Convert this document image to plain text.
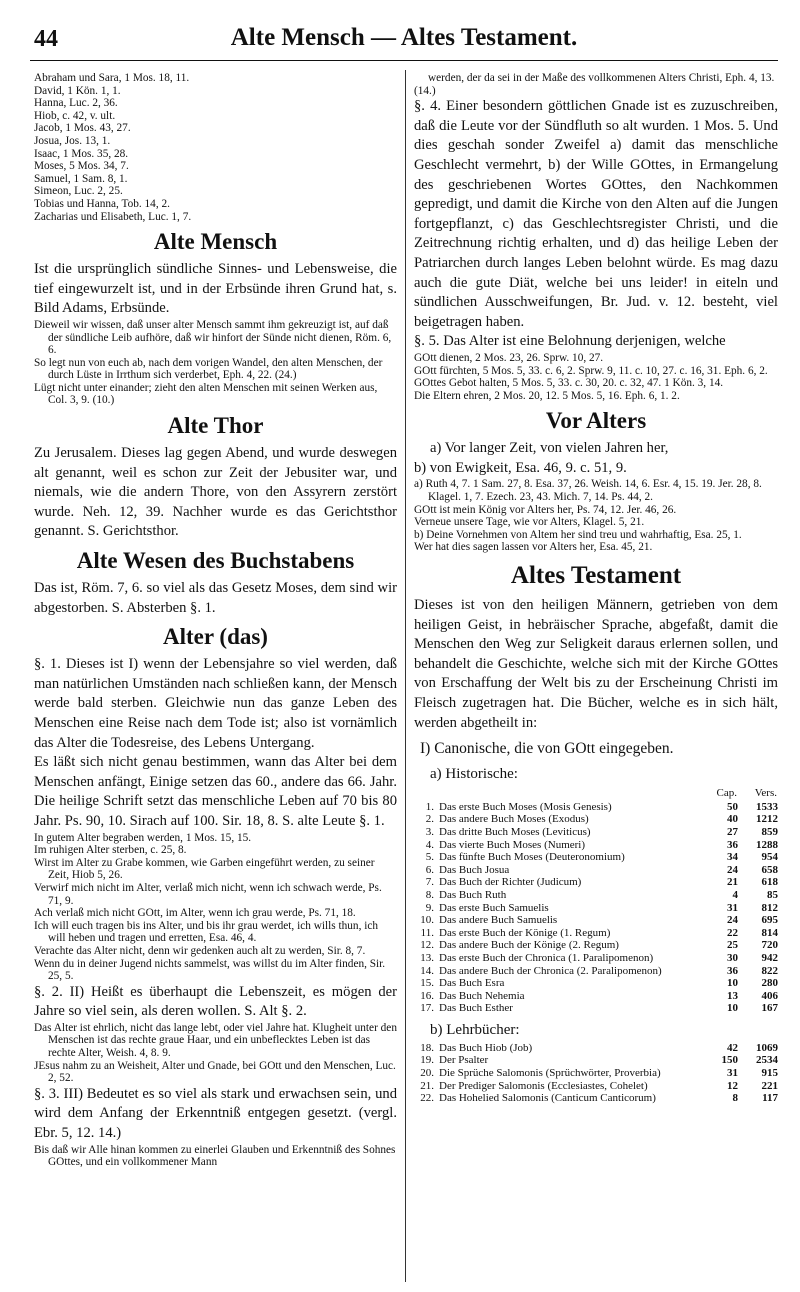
44	Alte Mensch — Altes Testament.

Abraham und Sara, 1 Mos. 18, 11.

David, 1 Kön. 1, 1.

Hanna, Luc. 2, 36.

Hiob, c. 42, v. ult.

Jacob, 1 Mos. 43, 27.

Josua, Jos. 13, 1.

Isaac, 1 Mos. 35, 28.

Moses, 5 Mos. 34, 7.

Samuel, 1 Sam. 8, 1.

Simeon, Luc. 2, 25.

Tobias und Hanna, Tob. 14, 2.

Zacharias und Elisabeth, Luc. 1, 7.

Alte Mensch

Ist die ursprünglich sündliche Sinnes- und Lebensweise, die tief eingewurzelt ist, und in der Erbsünde ihren Grund hat, s. Bild Adams, Erbsünde.

Dieweil wir wissen, daß unser alter Mensch sammt ihm gekreuzigt ist, auf daß der sündliche Leib aufhöre, daß wir hinfort der Sünde nicht dienen, Röm. 6, 6.

So legt nun von euch ab, nach dem vorigen Wandel, den alten Menschen, der durch Lüste in Irrthum sich verderbet, Eph. 4, 22. (24.)

Lügt nicht unter einander; zieht den alten Menschen mit seinen Werken aus, Col. 3, 9. (10.)

Alte Thor

Zu Jerusalem. Dieses lag gegen Abend, und wurde deswegen alt genannt, weil es schon zur Zeit der Jebusiter war, und niemals, wie die andern Thore, von den Assyrern zerstört wurde. Neh. 12, 39. Nachher wurde es das Gerichtsthor genannt. S. Gerichtsthor.

Alte Wesen des Buchstabens

Das ist, Röm. 7, 6. so viel als das Gesetz Moses, dem sind wir abgestorben. S. Absterben §. 1.

Alter (das)

§. 1. Dieses ist I) wenn der Lebensjahre so viel werden, daß man natürlichen Umständen nach schließen kann, der Mensch werde bald sterben. Gleichwie nun das ganze Leben des Menschen eine Reise nach dem Tode ist; also ist vornämlich das Alter die Todesreise, des Lebens Untergang.

Es läßt sich nicht genau bestimmen, wann das Alter bei dem Menschen anfängt, Einige setzen das 60., andere das 66. Jahr. Die heilige Schrift setzt das menschliche Leben auf 70 bis 80 Jahr. Ps. 90, 10. Sirach auf 100. Sir. 18, 8. S. alte Leute §. 1.

In gutem Alter begraben werden, 1 Mos. 15, 15.

Im ruhigen Alter sterben, c. 25, 8.

Wirst im Alter zu Grabe kommen, wie Garben eingeführt werden, zu seiner Zeit, Hiob 5, 26.

Verwirf mich nicht im Alter, verlaß mich nicht, wenn ich schwach werde, Ps. 71, 9.

Ach verlaß mich nicht GOtt, im Alter, wenn ich grau werde, Ps. 71, 18.

Ich will euch tragen bis ins Alter, und bis ihr grau werdet, ich wills thun, ich will heben und tragen und erretten, Esa. 46, 4.

Verachte das Alter nicht, denn wir gedenken auch alt zu werden, Sir. 8, 7.

Wenn du in deiner Jugend nichts sammelst, was willst du im Alter finden, Sir. 25, 5.

§. 2. II) Heißt es überhaupt die Lebenszeit, es mögen der Jahre so viel sein, als deren wollen. S. Alt §. 2.

Das Alter ist ehrlich, nicht das lange lebt, oder viel Jahre hat. Klugheit unter den Menschen ist das rechte graue Haar, und ein unbeflecktes Leben ist das rechte Alter, Weish. 4, 8. 9.

JEsus nahm zu an Weisheit, Alter und Gnade, bei GOtt und den Menschen, Luc. 2, 52.

§. 3. III) Bedeutet es so viel als stark und erwachsen sein, und wird dem Anfang der Erkenntniß entgegen gesetzt. (vergl. Ebr. 5, 12. 14.)

Bis daß wir Alle hinan kommen zu einerlei Glauben und Erkenntniß des Sohnes GOttes, und ein vollkommener Mann

werden, der da sei in der Maße des vollkommenen Alters Christi, Eph. 4, 13. (14.)

§. 4. Einer besondern göttlichen Gnade ist es zuzuschreiben, daß die Leute vor der Sündfluth so alt wurden. 1 Mos. 5. Und dies geschah sonder Zweifel a) damit das menschliche Geschlecht vermehrt, b) der Wille GOttes, in Ermangelung des geschriebenen Wortes GOttes, den Nachkommen gepredigt, und damit die Kirche von den Alten auf die Jungen fortgepflanzt, c) das Geschlechtsregister Christi, und die Zeitrechnung richtig erhalten, und d) das heilige Leben der Patriarchen durch langes Leben belohnt würde. Es mag dazu auch die gute Diät, welche bei uns leider! in eiteln und sündlichen Ausschweifungen, Br. Jud. v. 12. besteht, viel beigetragen haben.

§. 5. Das Alter ist eine Belohnung derjenigen, welche

GOtt dienen, 2 Mos. 23, 26. Sprw. 10, 27.

GOtt fürchten, 5 Mos. 5, 33. c. 6, 2. Sprw. 9, 11. c. 10, 27. c. 16, 31. Eph. 6, 2.

GOttes Gebot halten, 5 Mos. 5, 33. c. 30, 20. c. 32, 47. 1 Kön. 3, 14.

Die Eltern ehren, 2 Mos. 20, 12. 5 Mos. 5, 16. Eph. 6, 1. 2.

Vor Alters

a) Vor langer Zeit, von vielen Jahren her,

b) von Ewigkeit, Esa. 46, 9. c. 51, 9.

a) Ruth 4, 7. 1 Sam. 27, 8. Esa. 37, 26. Weish. 14, 6. Esr. 4, 15. 19. Jer. 28, 8. Klagel. 1, 7. Ezech. 23, 43. Mich. 7, 14. Ps. 44, 2.

GOtt ist mein König vor Alters her, Ps. 74, 12. Jer. 46, 26.

Verneue unsere Tage, wie vor Alters, Klagel. 5, 21.

b) Deine Vornehmen von Altem her sind treu und wahrhaftig, Esa. 25, 1.

Wer hat dies sagen lassen vor Alters her, Esa. 45, 21.

Altes Testament

Dieses ist von den heiligen Männern, getrieben von dem heiligen Geist, in hebräischer Sprache, abgefaßt, damit die Menschen den Weg zur Seligkeit daraus erlernen sollen, und behandelt die Geschichte, welche sich mit der Kirche GOttes von Erschaffung der Welt bis zu der Erscheinung Christi im Fleisch zugetragen hat. Die Bücher, welche es in sich hält, werden abgetheilt in:

I) Canonische, die von GOtt eingegeben.
a) Historische:
		Cap.	Vers.
1.	Das erste Buch Moses (Mosis Genesis)	50	1533
2.	Das andere Buch Moses (Exodus)	40	1212
3.	Das dritte Buch Moses (Leviticus)	27	859
4.	Das vierte Buch Moses (Numeri)	36	1288
5.	Das fünfte Buch Moses (Deuteronomium)	34	954
6.	Das Buch Josua	24	658
7.	Das Buch der Richter (Judicum)	21	618
8.	Das Buch Ruth	4	85
9.	Das erste Buch Samuelis	31	812
10.	Das andere Buch Samuelis	24	695
11.	Das erste Buch der Könige (1. Regum)	22	814
12.	Das andere Buch der Könige (2. Regum)	25	720
13.	Das erste Buch der Chronica (1. Paralipomenon)	30	942
14.	Das andere Buch der Chronica (2. Paralipomenon)	36	822
15.	Das Buch Esra	10	280
16.	Das Buch Nehemia	13	406
17.	Das Buch Esther	10	167
b) Lehrbücher:
18.	Das Buch Hiob (Job)	42	1069
19.	Der Psalter	150	2534
20.	Die Sprüche Salomonis (Sprüchwörter, Proverbia)	31	915
21.	Der Prediger Salomonis (Ecclesiastes, Cohelet)	12	221
22.	Das Hohelied Salomonis (Canticum Canticorum)	8	117
